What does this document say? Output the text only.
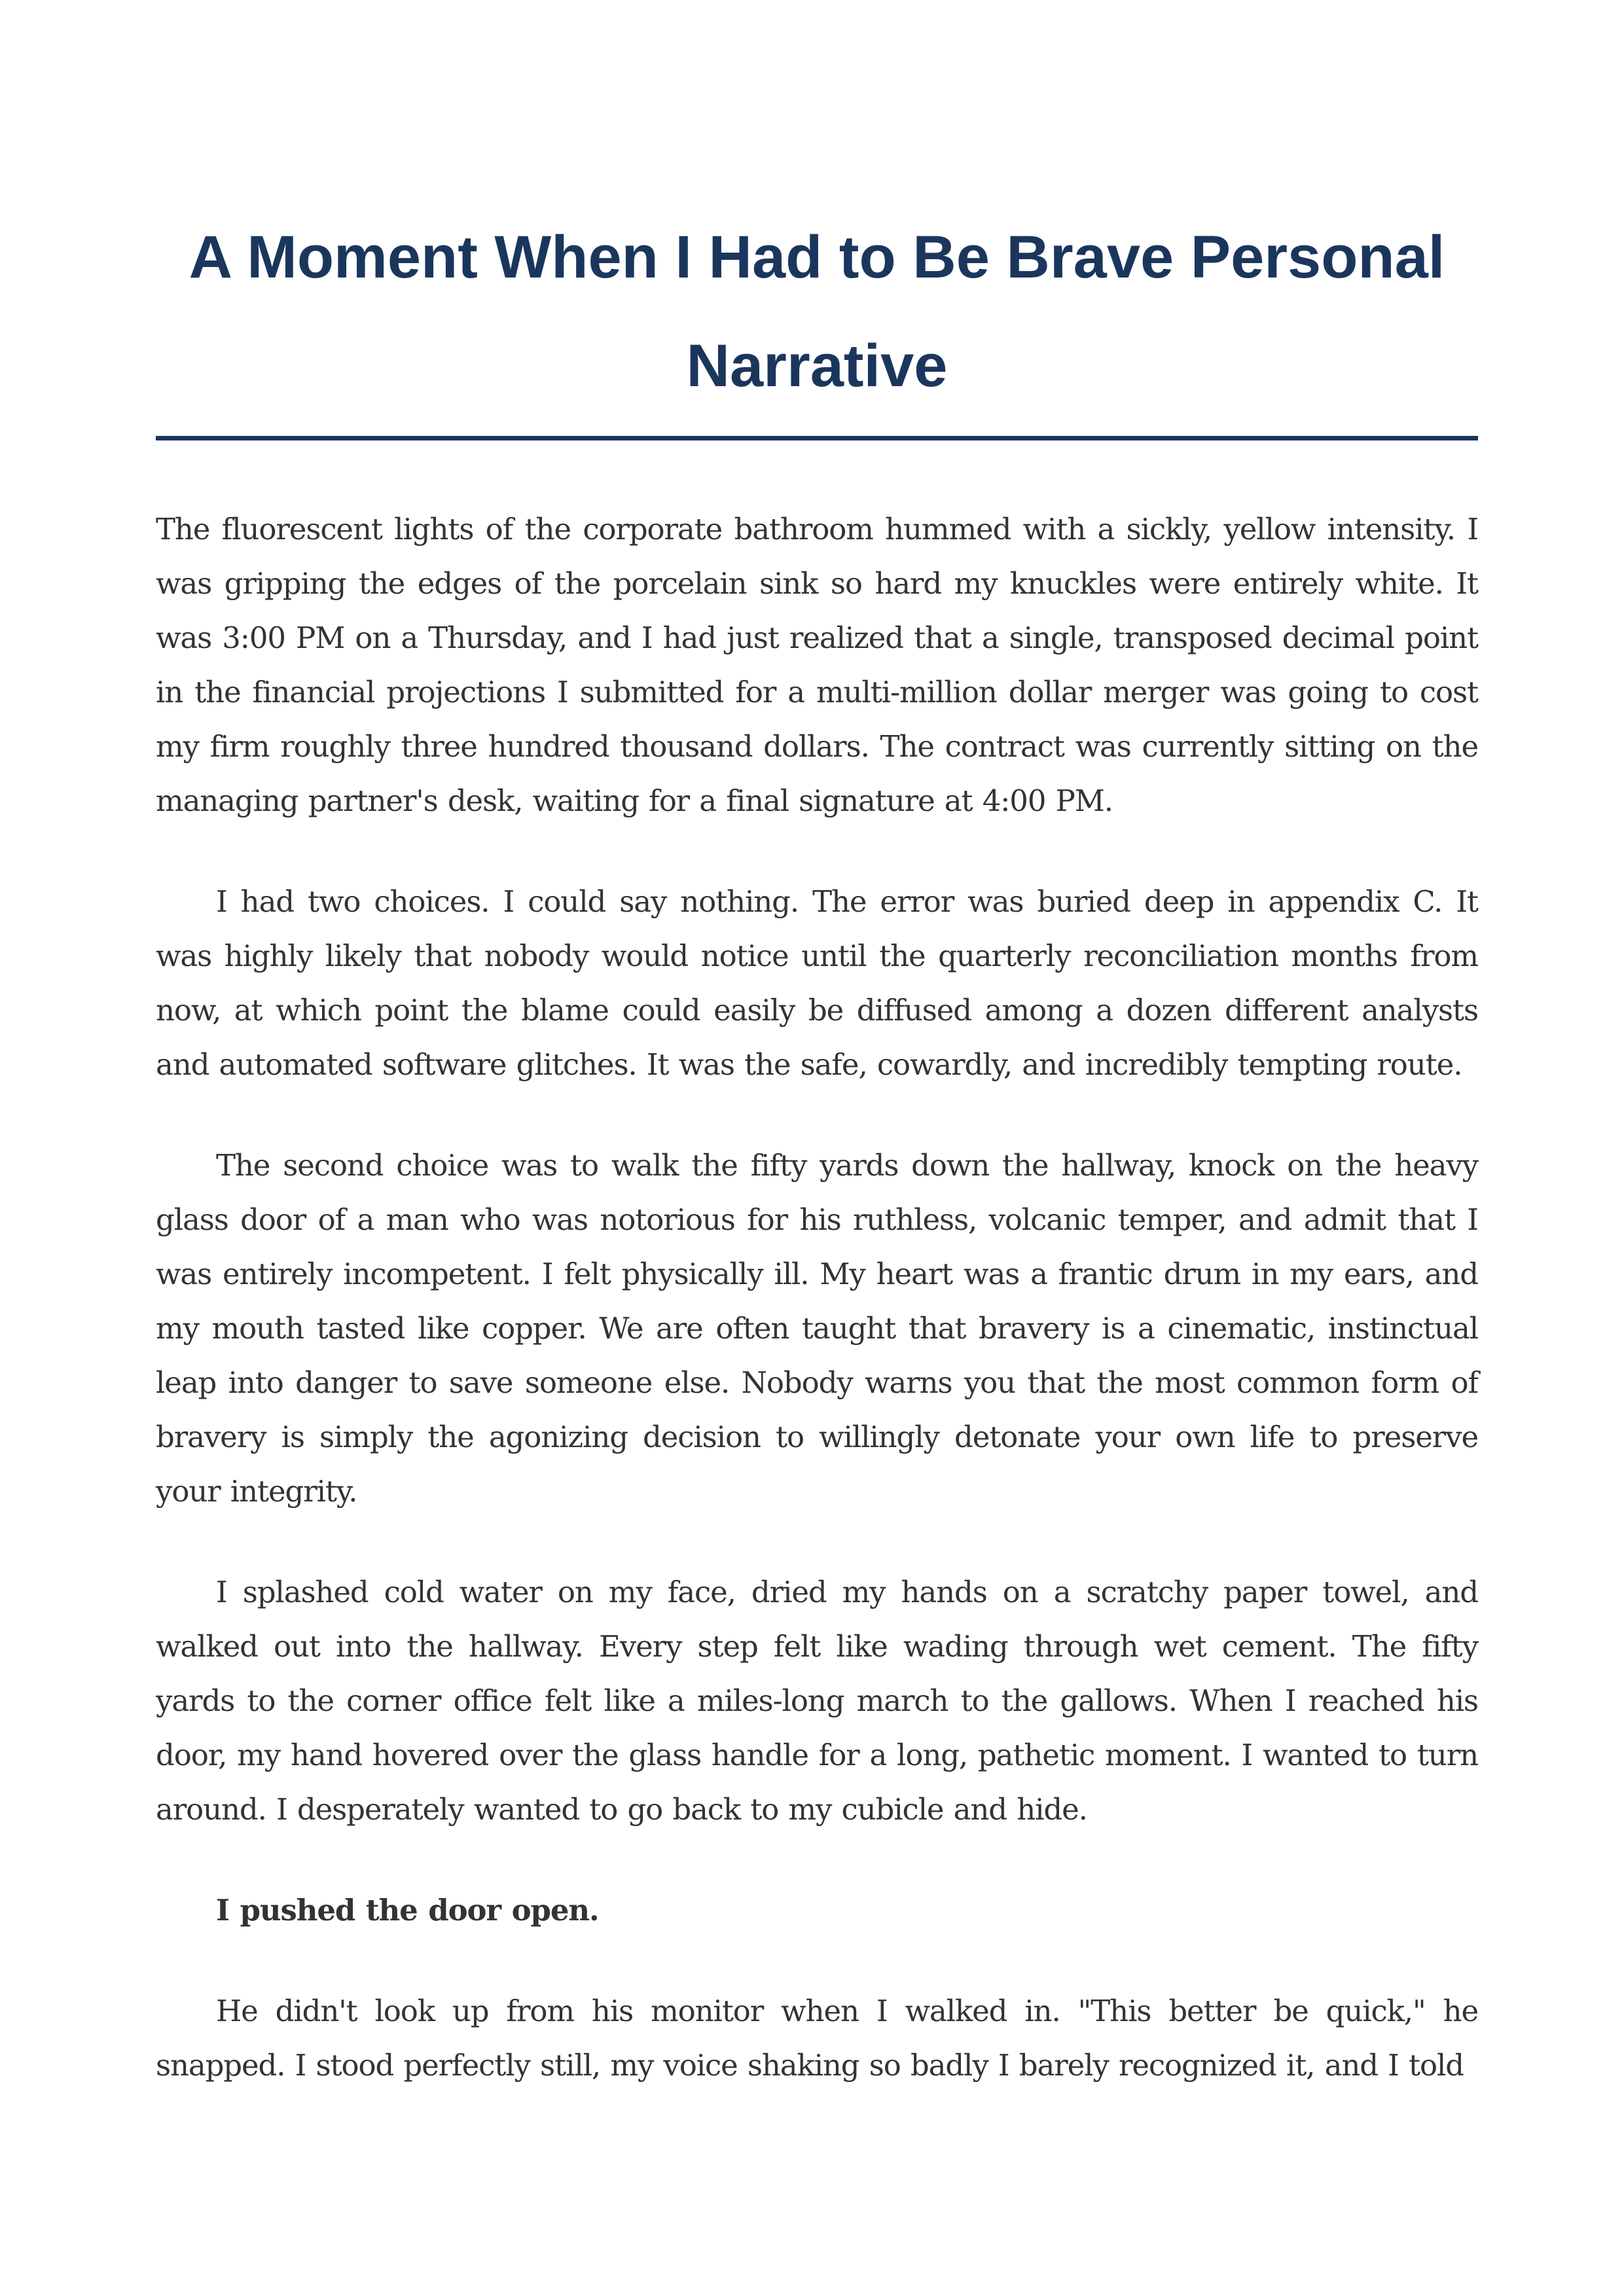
A Moment When I Had to Be Brave Personal Narrative

The fluorescent lights of the corporate bathroom hummed with a sickly, yellow intensity. I was gripping the edges of the porcelain sink so hard my knuckles were entirely white. It was 3:00 PM on a Thursday, and I had just realized that a single, transposed decimal point in the financial projections I submitted for a multi-million dollar merger was going to cost my firm roughly three hundred thousand dollars. The contract was currently sitting on the managing partner's desk, waiting for a final signature at 4:00 PM.

I had two choices. I could say nothing. The error was buried deep in appendix C. It was highly likely that nobody would notice until the quarterly reconciliation months from now, at which point the blame could easily be diffused among a dozen different analysts and automated software glitches. It was the safe, cowardly, and incredibly tempting route.

The second choice was to walk the fifty yards down the hallway, knock on the heavy glass door of a man who was notorious for his ruthless, volcanic temper, and admit that I was entirely incompetent. I felt physically ill. My heart was a frantic drum in my ears, and my mouth tasted like copper. We are often taught that bravery is a cinematic, instinctual leap into danger to save someone else. Nobody warns you that the most common form of bravery is simply the agonizing decision to willingly detonate your own life to preserve your integrity.

I splashed cold water on my face, dried my hands on a scratchy paper towel, and walked out into the hallway. Every step felt like wading through wet cement. The fifty yards to the corner office felt like a miles-long march to the gallows. When I reached his door, my hand hovered over the glass handle for a long, pathetic moment. I wanted to turn around. I desperately wanted to go back to my cubicle and hide.

I pushed the door open.

He didn't look up from his monitor when I walked in. "This better be quick," he snapped. I stood perfectly still, my voice shaking so badly I barely recognized it, and I told
